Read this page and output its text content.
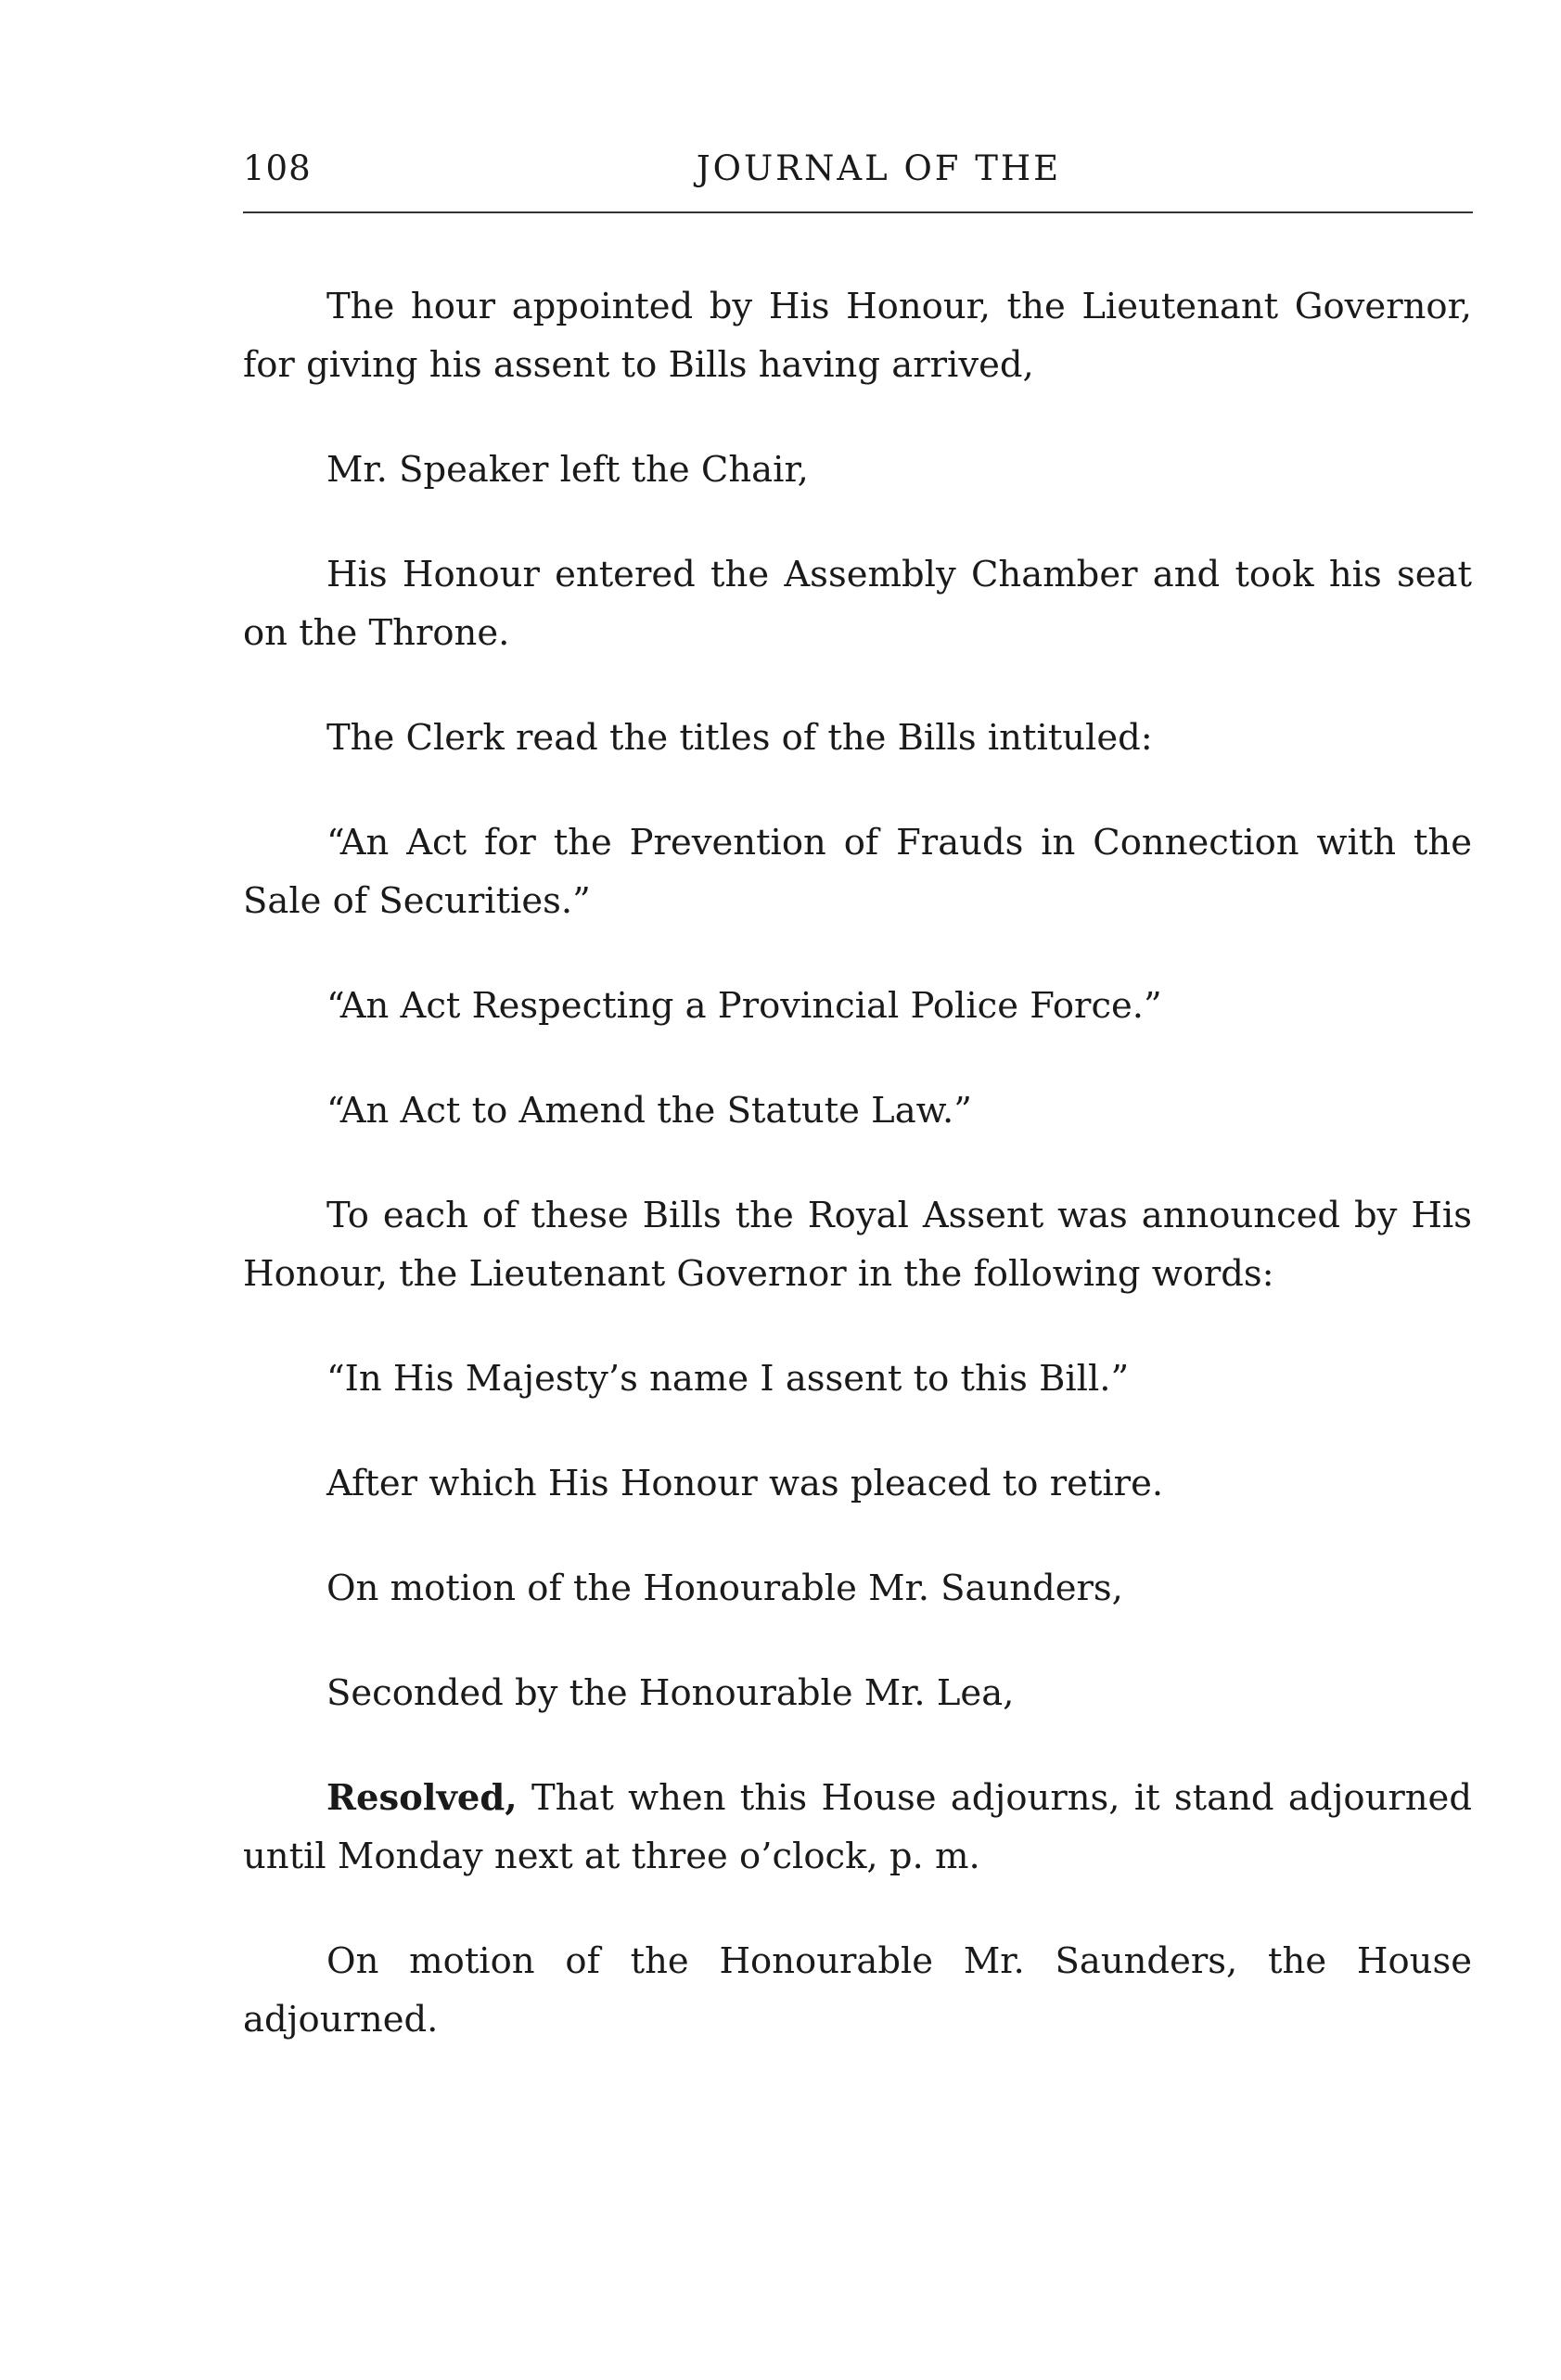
108	JOURNAL OF THE

The hour appointed by His Honour, the Lieutenant Governor, for giving his assent to Bills having arrived,

Mr. Speaker left the Chair,

His Honour entered the Assembly Chamber and took his seat on the Throne.

The Clerk read the titles of the Bills intituled:

“An Act for the Prevention of Frauds in Connection with the Sale of Securities.”

“An Act Respecting a Provincial Police Force.”

“An Act to Amend the Statute Law.”

To each of these Bills the Royal Assent was announced by His Honour, the Lieutenant Governor in the following words:

“In His Majesty’s name I assent to this Bill.”

After which His Honour was pleaced to retire.

On motion of the Honourable Mr. Saunders,

Seconded by the Honourable Mr. Lea,

Resolved, That when this House adjourns, it stand adjourned until Monday next at three o’clock, p. m.

On motion of the Honourable Mr. Saunders, the House adjourned.
